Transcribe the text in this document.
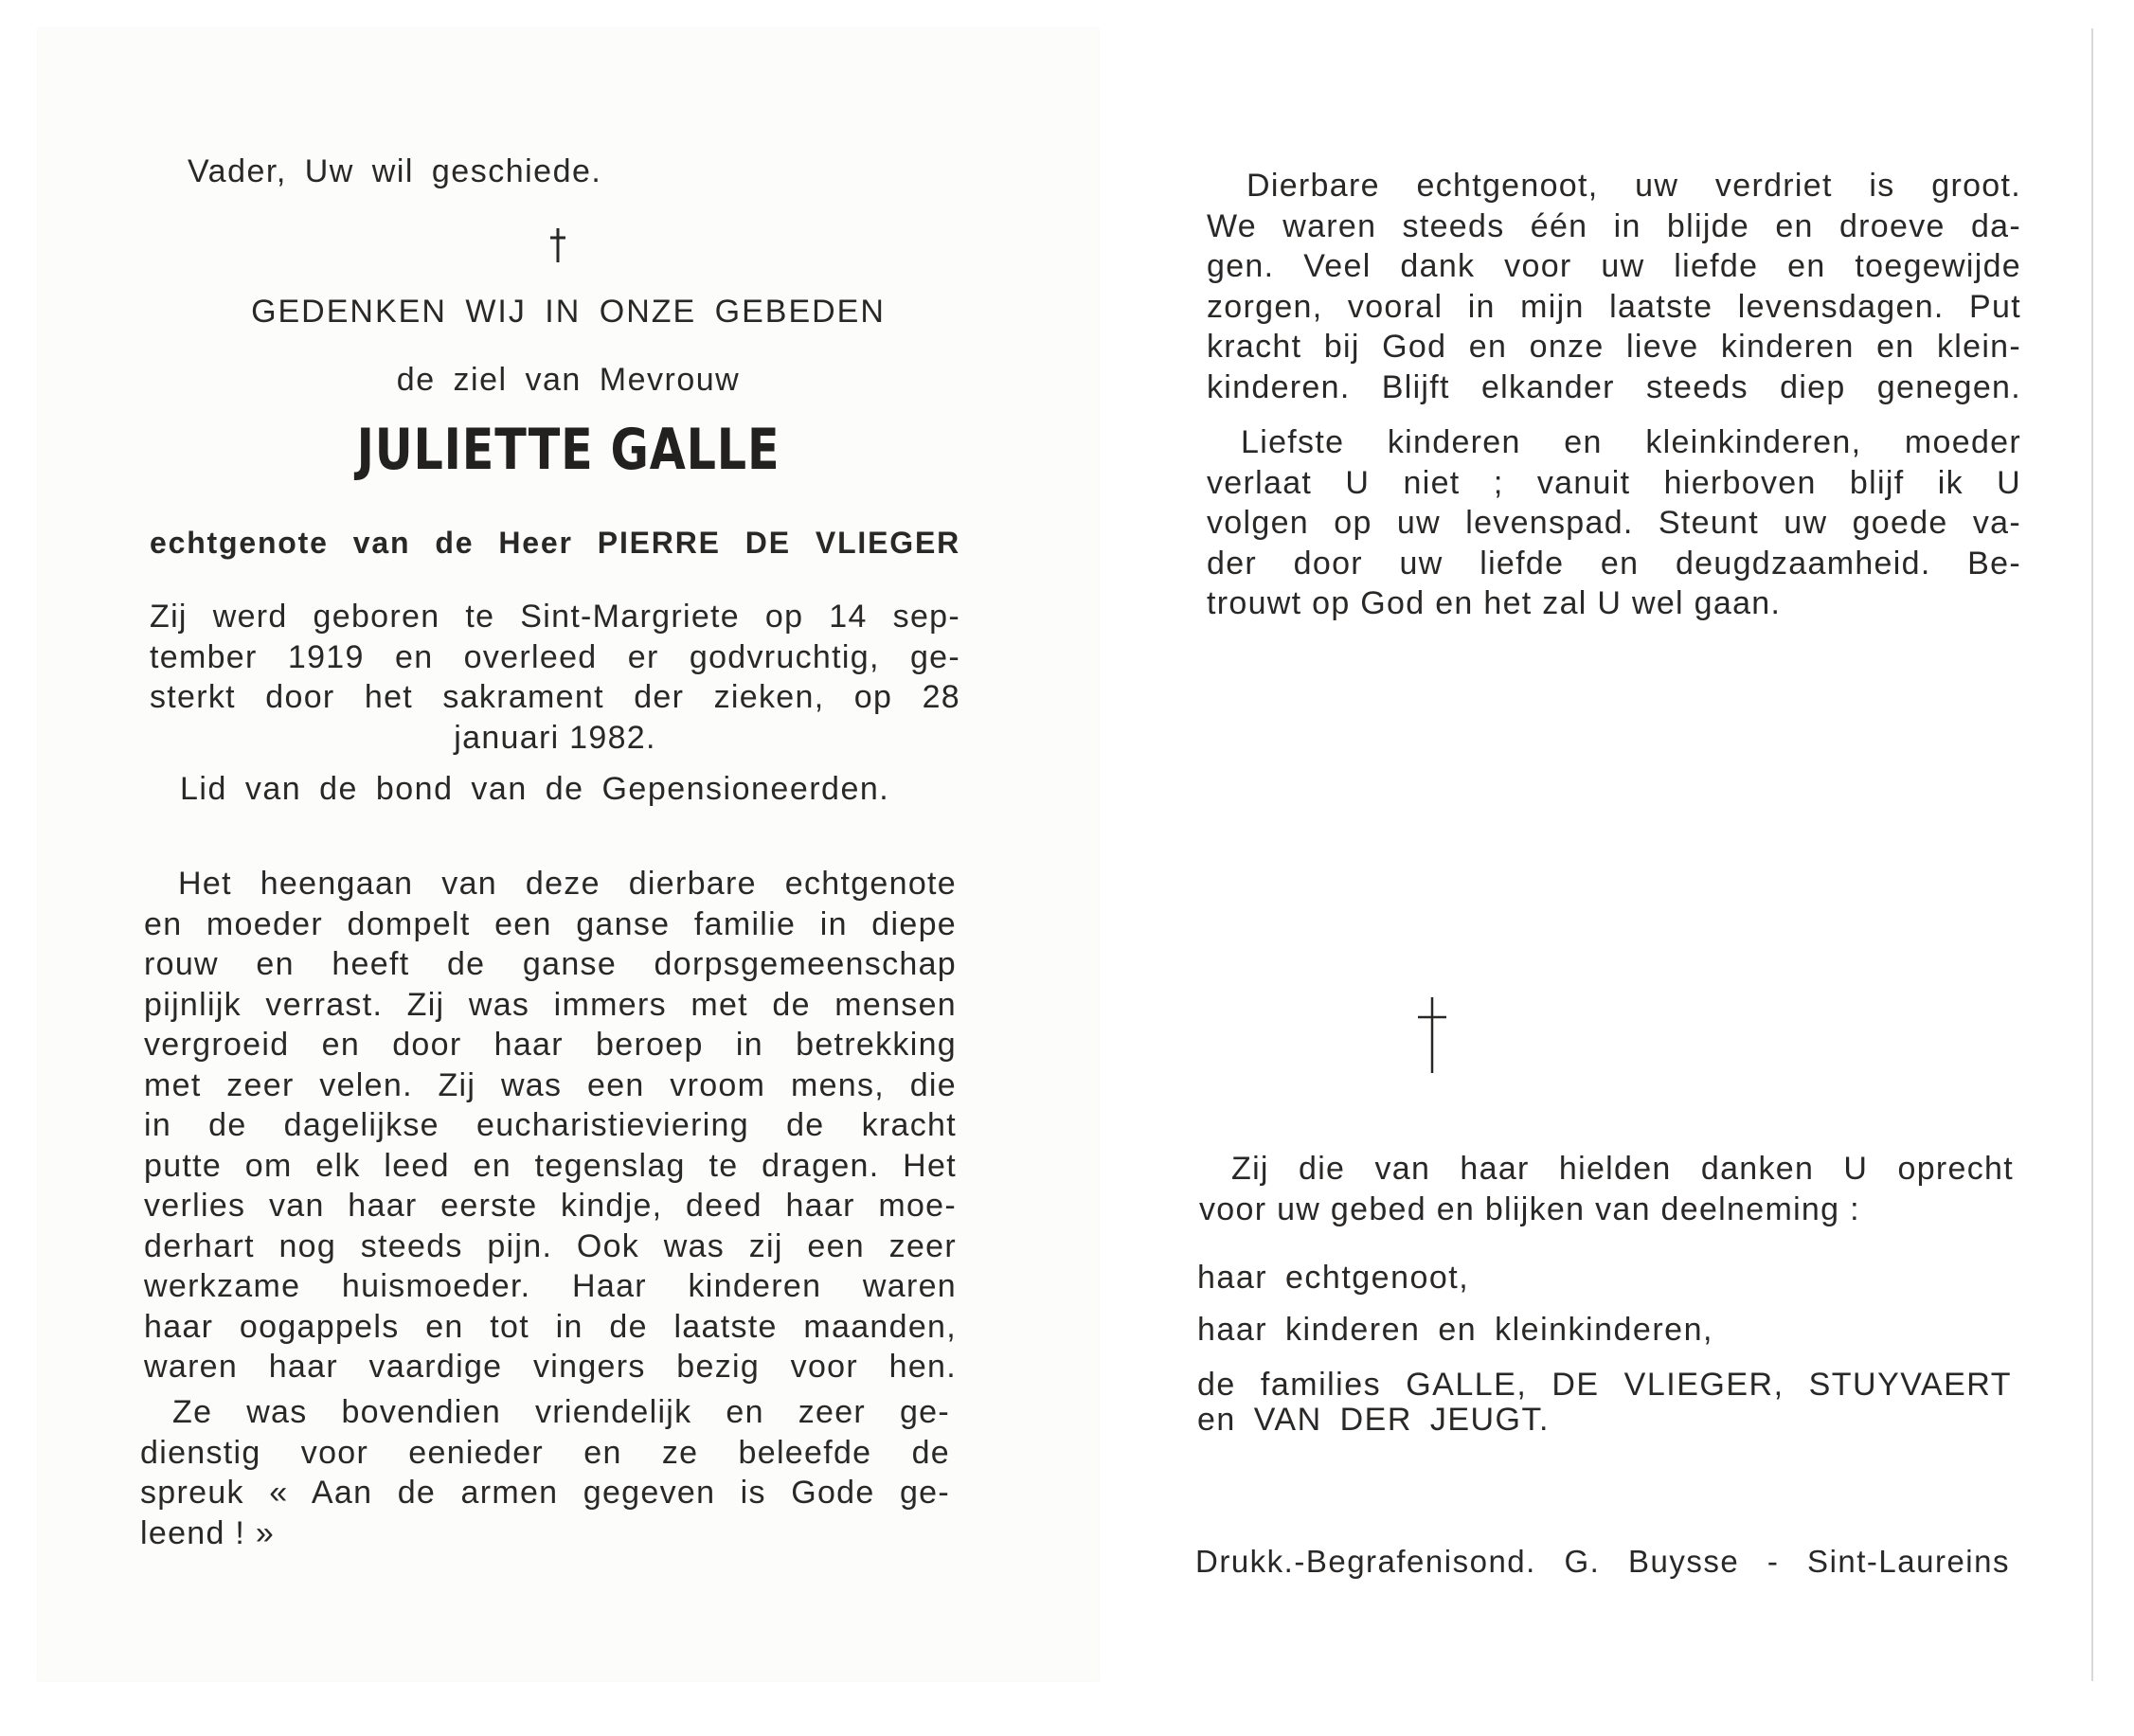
Vader, Uw wil geschiede.
GEDENKEN WIJ IN ONZE GEBEDEN
de ziel van Mevrouw
JULIETTE GALLE
echtgenote van de Heer PIERRE DE VLIEGER
Zij werd geboren te Sint-Margriete op 14 sep-
tember 1919 en overleed er godvruchtig, ge-
sterkt door het sakrament der zieken, op 28
januari 1982.
Lid van de bond van de Gepensioneerden.
Het heengaan van deze dierbare echtgenote
en moeder dompelt een ganse familie in diepe
rouw en heeft de ganse dorpsgemeenschap
pijnlijk verrast. Zij was immers met de mensen
vergroeid en door haar beroep in betrekking
met zeer velen. Zij was een vroom mens, die
in de dagelijkse eucharistieviering de kracht
putte om elk leed en tegenslag te dragen. Het
verlies van haar eerste kindje, deed haar moe-
derhart nog steeds pijn. Ook was zij een zeer
werkzame huismoeder. Haar kinderen waren
haar oogappels en tot in de laatste maanden,
waren haar vaardige vingers bezig voor hen.
Ze was bovendien vriendelijk en zeer ge-
dienstig voor eenieder en ze beleefde de
spreuk « Aan de armen gegeven is Gode ge-
leend ! »
Dierbare echtgenoot, uw verdriet is groot.
We waren steeds één in blijde en droeve da-
gen. Veel dank voor uw liefde en toegewijde
zorgen, vooral in mijn laatste levensdagen. Put
kracht bij God en onze lieve kinderen en klein-
kinderen. Blijft elkander steeds diep genegen.
Liefste kinderen en kleinkinderen, moeder
verlaat U niet ; vanuit hierboven blijf ik U
volgen op uw levenspad. Steunt uw goede va-
der door uw liefde en deugdzaamheid. Be-
trouwt op God en het zal U wel gaan.
Zij die van haar hielden danken U oprecht
voor uw gebed en blijken van deelneming :
haar echtgenoot,
haar kinderen en kleinkinderen,
de families GALLE, DE VLIEGER, STUYVAERT
en VAN DER JEUGT.
Drukk.-Begrafenisond. G. Buysse - Sint-Laureins
